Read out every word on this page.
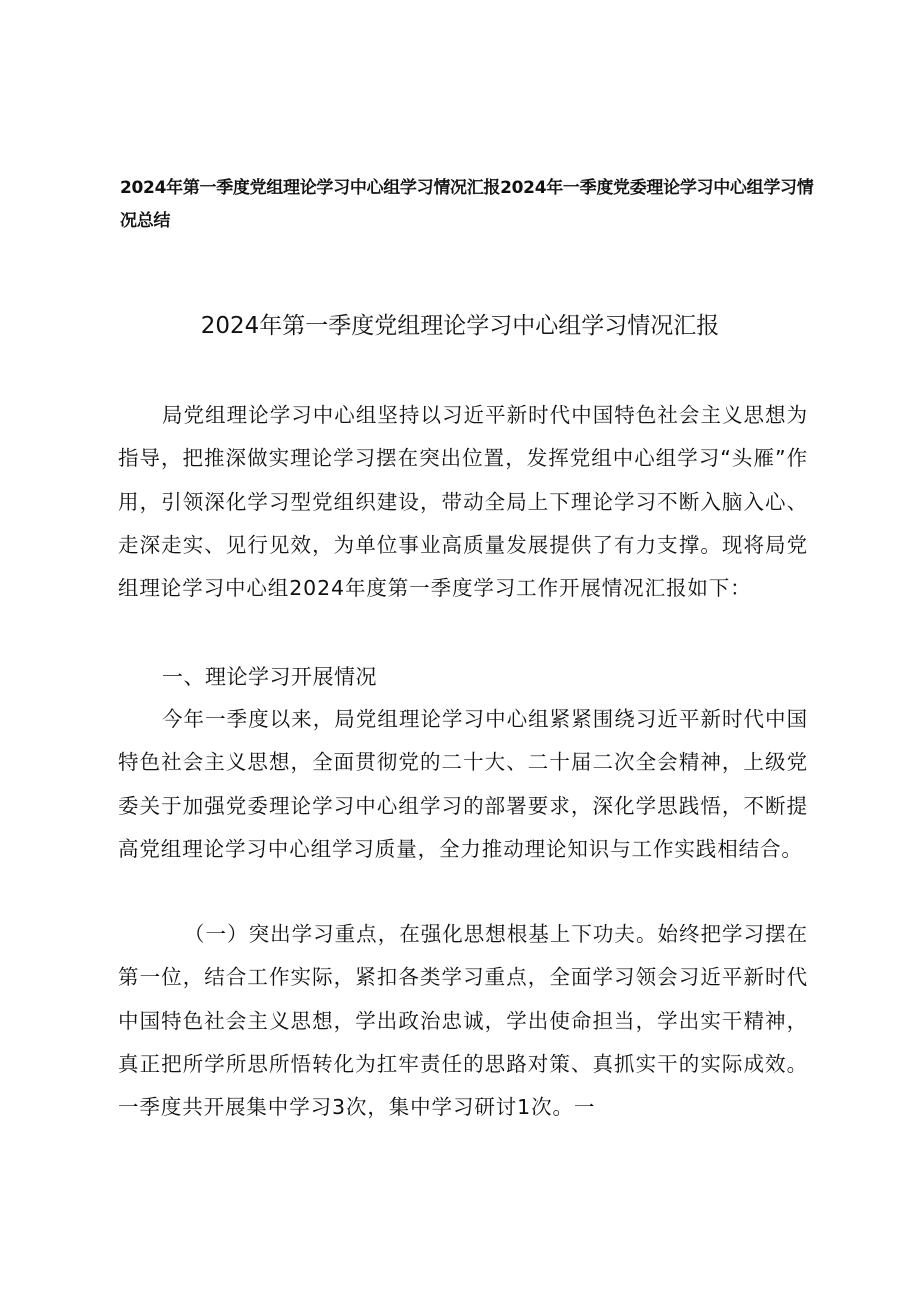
2024年第一季度党组理论学习中心组学习情况汇报2024年一季度党委理论学习中心组学习情况总结
2024年第一季度党组理论学习中心组学习情况汇报
局党组理论学习中心组坚持以习近平新时代中国特色社会主义思想为指导，把推深做实理论学习摆在突出位置，发挥党组中心组学习“头雁”作用，引领深化学习型党组织建设，带动全局上下理论学习不断入脑入心、走深走实、见行见效，为单位事业高质量发展提供了有力支撑。现将局党组理论学习中心组2024年度第一季度学习工作开展情况汇报如下：
一、理论学习开展情况
今年一季度以来，局党组理论学习中心组紧紧围绕习近平新时代中国特色社会主义思想，全面贯彻党的二十大、二十届二次全会精神，上级党委关于加强党委理论学习中心组学习的部署要求，深化学思践悟，不断提高党组理论学习中心组学习质量，全力推动理论知识与工作实践相结合。
（一）突出学习重点，在强化思想根基上下功夫。始终把学习摆在第一位，结合工作实际，紧扣各类学习重点，全面学习领会习近平新时代中国特色社会主义思想，学出政治忠诚，学出使命担当，学出实干精神，真正把所学所思所悟转化为扛牢责任的思路对策、真抓实干的实际成效。一季度共开展集中学习3次，集中学习研讨1次。一
